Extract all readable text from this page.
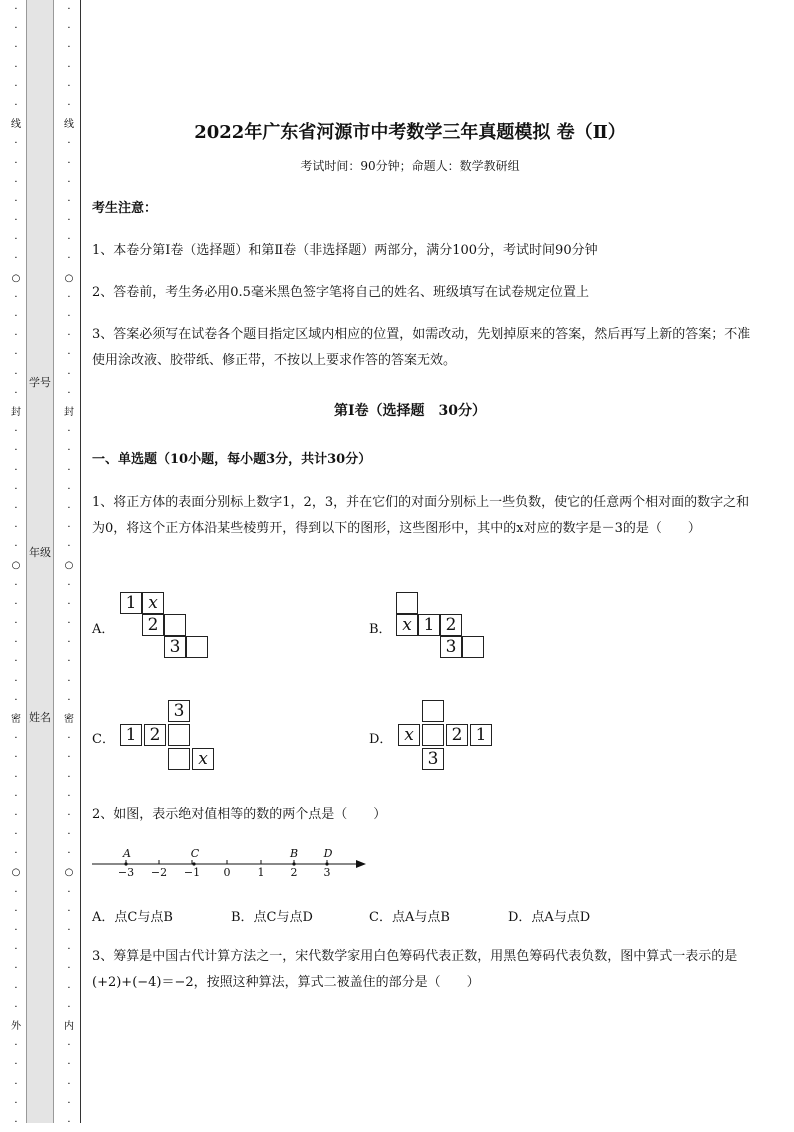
·
·
·
·
·
·
线
·
·
·
·
·
·
·
○
·
·
·
·
·
·
封
·
·
·
·
·
·
·
○
·
·
·
·
·
·
·
密
·
·
·
·
·
·
·
○
·
·
·
·
·
·
·
外
·
·
·
·
·
学号
年级
姓名
·
·
·
·
·
·
线
·
·
·
·
·
·
·
○
·
·
·
·
·
·
封
·
·
·
·
·
·
·
○
·
·
·
·
·
·
·
密
·
·
·
·
·
·
·
○
·
·
·
·
·
·
·
内
·
·
·
·
·
2022年广东省河源市中考数学三年真题模拟 卷（Ⅱ）
考试时间：90分钟；命题人：数学教研组
考生注意：
1、本卷分第I卷（选择题）和第Ⅱ卷（非选择题）两部分，满分100分，考试时间90分钟
2、答卷前，考生务必用0.5毫米黑色签字笔将自己的姓名、班级填写在试卷规定位置上
3、答案必须写在试卷各个题目指定区域内相应的位置，如需改动，先划掉原来的答案，然后再写上新的答案；不准使用涂改液、胶带纸、修正带，不按以上要求作答的答案无效。
第I卷（选择题　30分）
一、单选题（10小题，每小题3分，共计30分）
1、将正方体的表面分别标上数字1，2，3，并在它们的对面分别标上一些负数，使它的任意两个相对面的数字之和为0，将这个正方体沿某些棱剪开，得到以下的图形，这些图形中，其中的x对应的数字是－3的是（　　）
A．
1 x
2
3
B． x 1 2
3
C．
3
1 2
x
D． x	2 1
3
2、如图，表示绝对值相等的数的两个点是（　　）
A	C	B	D
−3 −2 −1	0	1	2	3
A．点C与点B	B．点C与点D	C．点A与点B	D．点A与点D
3、筹算是中国古代计算方法之一，宋代数学家用白色筹码代表正数，用黑色筹码代表负数，图中算式一表示的是(+2)+(−4)＝−2，按照这种算法，算式二被盖住的部分是（　　）
